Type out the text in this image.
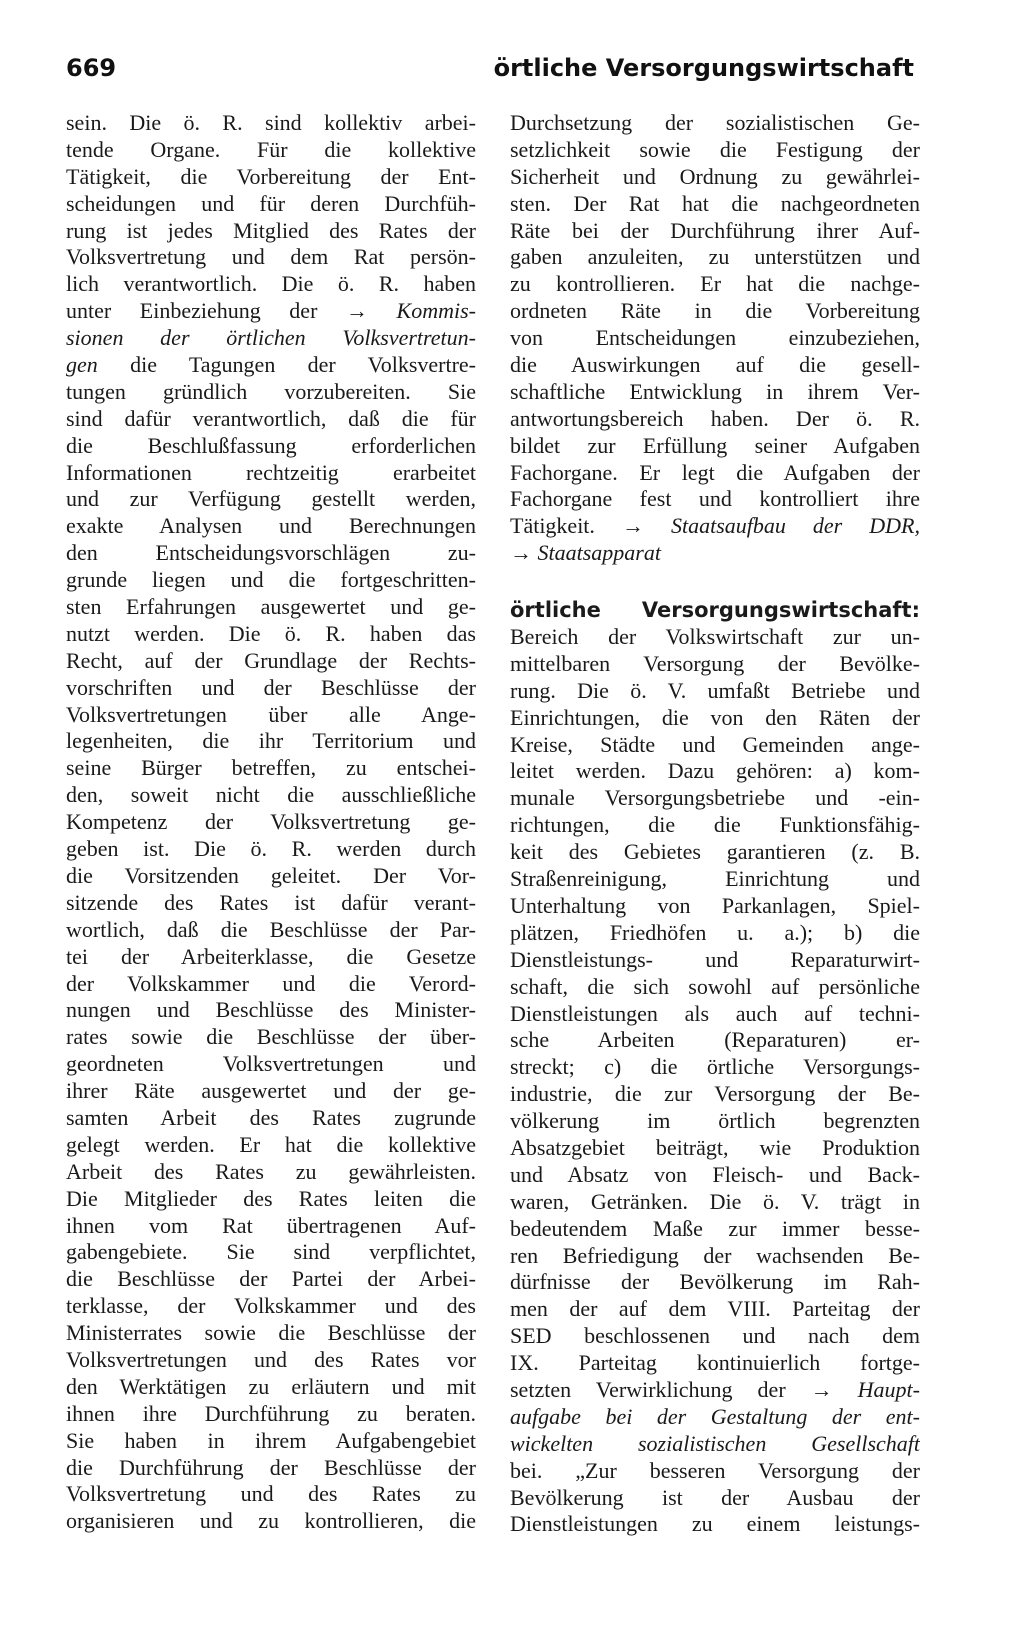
669	örtliche Versorgungswirtschaft
sein. Die ö. R. sind kollektiv arbei-
tende Organe. Für die kollektive
Tätigkeit, die Vorbereitung der Ent-
scheidungen und für deren Durchfüh-
rung ist jedes Mitglied des Rates der
Volksvertretung und dem Rat persön-
lich verantwortlich. Die ö. R. haben
unter Einbeziehung der → Kommis-
sionen der örtlichen Volksvertretun-
gen die Tagungen der Volksvertre-
tungen gründlich vorzubereiten. Sie
sind dafür verantwortlich, daß die für
die Beschlußfassung erforderlichen
Informationen rechtzeitig erarbeitet
und zur Verfügung gestellt werden,
exakte Analysen und Berechnungen
den Entscheidungsvorschlägen zu-
grunde liegen und die fortgeschritten-
sten Erfahrungen ausgewertet und ge-
nutzt werden. Die ö. R. haben das
Recht, auf der Grundlage der Rechts-
vorschriften und der Beschlüsse der
Volksvertretungen über alle Ange-
legenheiten, die ihr Territorium und
seine Bürger betreffen, zu entschei-
den, soweit nicht die ausschließliche
Kompetenz der Volksvertretung ge-
geben ist. Die ö. R. werden durch
die Vorsitzenden geleitet. Der Vor-
sitzende des Rates ist dafür verant-
wortlich, daß die Beschlüsse der Par-
tei der Arbeiterklasse, die Gesetze
der Volkskammer und die Verord-
nungen und Beschlüsse des Minister-
rates sowie die Beschlüsse der über-
geordneten Volksvertretungen und
ihrer Räte ausgewertet und der ge-
samten Arbeit des Rates zugrunde
gelegt werden. Er hat die kollektive
Arbeit des Rates zu gewährleisten.
Die Mitglieder des Rates leiten die
ihnen vom Rat übertragenen Auf-
gabengebiete. Sie sind verpflichtet,
die Beschlüsse der Partei der Arbei-
terklasse, der Volkskammer und des
Ministerrates sowie die Beschlüsse der
Volksvertretungen und des Rates vor
den Werktätigen zu erläutern und mit
ihnen ihre Durchführung zu beraten.
Sie haben in ihrem Aufgabengebiet
die Durchführung der Beschlüsse der
Volksvertretung und des Rates zu
organisieren und zu kontrollieren, die
Durchsetzung der sozialistischen Ge-
setzlichkeit sowie die Festigung der
Sicherheit und Ordnung zu gewährlei-
sten. Der Rat hat die nachgeordneten
Räte bei der Durchführung ihrer Auf-
gaben anzuleiten, zu unterstützen und
zu kontrollieren. Er hat die nachge-
ordneten Räte in die Vorbereitung
von Entscheidungen einzubeziehen,
die Auswirkungen auf die gesell-
schaftliche Entwicklung in ihrem Ver-
antwortungsbereich haben. Der ö. R.
bildet zur Erfüllung seiner Aufgaben
Fachorgane. Er legt die Aufgaben der
Fachorgane fest und kontrolliert ihre
Tätigkeit. → Staatsaufbau der DDR,
→ Staatsapparat
örtliche Versorgungswirtschaft:
Bereich der Volkswirtschaft zur un-
mittelbaren Versorgung der Bevölke-
rung. Die ö. V. umfaßt Betriebe und
Einrichtungen, die von den Räten der
Kreise, Städte und Gemeinden ange-
leitet werden. Dazu gehören: a) kom-
munale Versorgungsbetriebe und -ein-
richtungen, die die Funktionsfähig-
keit des Gebietes garantieren (z. B.
Straßenreinigung, Einrichtung und
Unterhaltung von Parkanlagen, Spiel-
plätzen, Friedhöfen u. a.); b) die
Dienstleistungs- und Reparaturwirt-
schaft, die sich sowohl auf persönliche
Dienstleistungen als auch auf techni-
sche Arbeiten (Reparaturen) er-
streckt; c) die örtliche Versorgungs-
industrie, die zur Versorgung der Be-
völkerung im örtlich begrenzten
Absatzgebiet beiträgt, wie Produktion
und Absatz von Fleisch- und Back-
waren, Getränken. Die ö. V. trägt in
bedeutendem Maße zur immer besse-
ren Befriedigung der wachsenden Be-
dürfnisse der Bevölkerung im Rah-
men der auf dem VIII. Parteitag der
SED beschlossenen und nach dem
IX. Parteitag kontinuierlich fortge-
setzten Verwirklichung der → Haupt-
aufgabe bei der Gestaltung der ent-
wickelten sozialistischen Gesellschaft
bei. „Zur besseren Versorgung der
Bevölkerung ist der Ausbau der
Dienstleistungen zu einem leistungs-
